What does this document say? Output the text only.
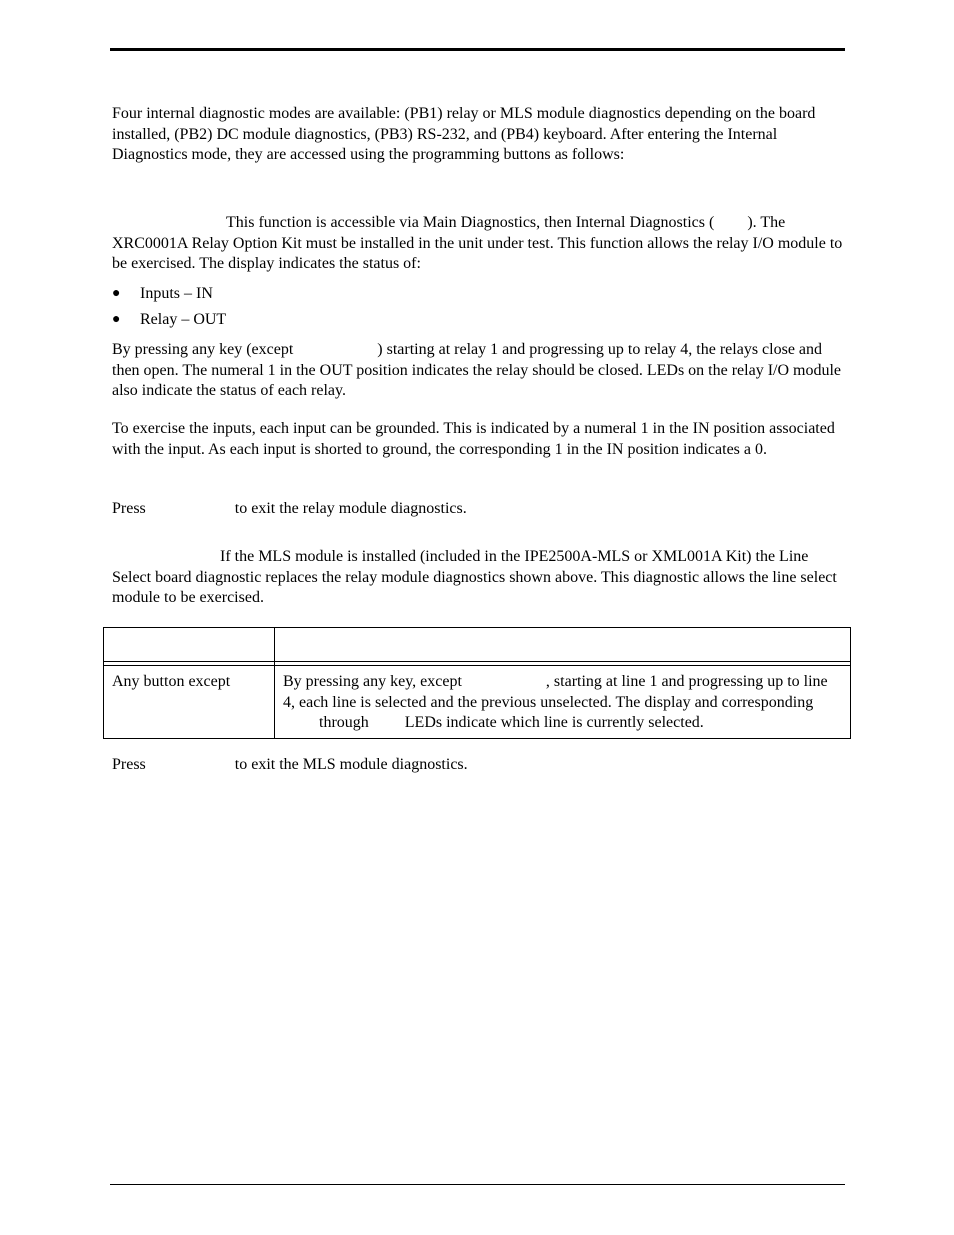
Four internal diagnostic modes are available: (PB1) relay or MLS module diagnostics depending on the board installed, (PB2) DC module diagnostics, (PB3) RS-232, and (PB4) keyboard. After entering the Internal Diagnostics mode, they are accessed using the programming buttons as follows:

This function is accessible via Main Diagnostics, then Internal Diagnostics ( ). The XRC0001A Relay Option Kit must be installed in the unit under test. This function allows the relay I/O module to be exercised. The display indicates the status of:

● Inputs – IN
● Relay – OUT

By pressing any key (except	) starting at relay 1 and progressing up to relay 4, the relays close and then open. The numeral 1 in the OUT position indicates the relay should be closed. LEDs on the relay I/O module also indicate the status of each relay.

To exercise the inputs, each input can be grounded. This is indicated by a numeral 1 in the IN position associated with the input. As each input is shorted to ground, the corresponding 1 in the IN position indicates a 0.

Press	to exit the relay module diagnostics.

If the MLS module is installed (included in the IPE2500A-MLS or XML001A Kit) the Line Select board diagnostic replaces the relay module diagnostics shown above. This diagnostic allows the line select module to be exercised.

Any button except	By pressing any key, except , starting at line 1 and progressing up to line 4, each line is selected and the previous unselected. The display and correspondingthrough LEDs indicate which line is currently selected.

Press	to exit the MLS module diagnostics.
